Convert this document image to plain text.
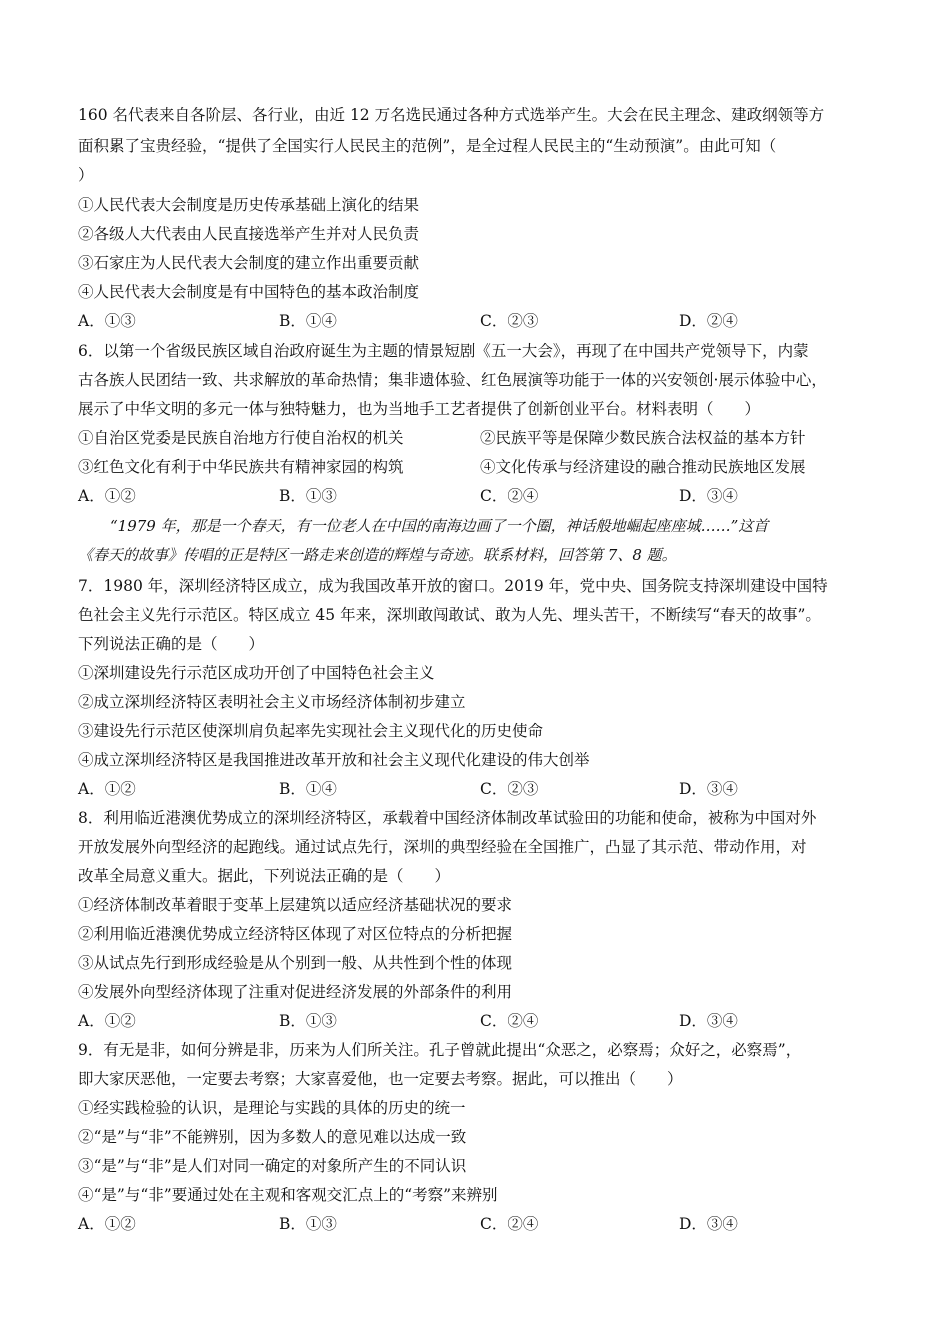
160 名代表来自各阶层、各行业，由近 12 万名选民通过各种方式选举产生。大会在民主理念、建政纲领等方
面积累了宝贵经验，“提供了全国实行人民民主的范例”，是全过程人民民主的“生动预演”。由此可知（
）
①人民代表大会制度是历史传承基础上演化的结果
②各级人大代表由人民直接选举产生并对人民负责
③石家庄为人民代表大会制度的建立作出重要贡献
④人民代表大会制度是有中国特色的基本政治制度
A．①③	B．①④	C．②③	D．②④
6．以第一个省级民族区域自治政府诞生为主题的情景短剧《五一大会》，再现了在中国共产党领导下，内蒙
古各族人民团结一致、共求解放的革命热情；集非遗体验、红色展演等功能于一体的兴安领创·展示体验中心，
展示了中华文明的多元一体与独特魅力，也为当地手工艺者提供了创新创业平台。材料表明（　　）
①自治区党委是民族自治地方行使自治权的机关	②民族平等是保障少数民族合法权益的基本方针
③红色文化有利于中华民族共有精神家园的构筑	④文化传承与经济建设的融合推动民族地区发展
A．①②	B．①③	C．②④	D．③④
“1979 年，那是一个春天，有一位老人在中国的南海边画了一个圈，神话般地崛起座座城……”这首
《春天的故事》传唱的正是特区一路走来创造的辉煌与奇迹。联系材料，回答第 7、8 题。
7．1980 年，深圳经济特区成立，成为我国改革开放的窗口。2019 年，党中央、国务院支持深圳建设中国特
色社会主义先行示范区。特区成立 45 年来，深圳敢闯敢试、敢为人先、埋头苦干，不断续写“春天的故事”。
下列说法正确的是（　　）
①深圳建设先行示范区成功开创了中国特色社会主义
②成立深圳经济特区表明社会主义市场经济体制初步建立
③建设先行示范区使深圳肩负起率先实现社会主义现代化的历史使命
④成立深圳经济特区是我国推进改革开放和社会主义现代化建设的伟大创举
A．①②	B．①④	C．②③	D．③④
8．利用临近港澳优势成立的深圳经济特区，承载着中国经济体制改革试验田的功能和使命，被称为中国对外
开放发展外向型经济的起跑线。通过试点先行，深圳的典型经验在全国推广，凸显了其示范、带动作用，对
改革全局意义重大。据此，下列说法正确的是（　　）
①经济体制改革着眼于变革上层建筑以适应经济基础状况的要求
②利用临近港澳优势成立经济特区体现了对区位特点的分析把握
③从试点先行到形成经验是从个别到一般、从共性到个性的体现
④发展外向型经济体现了注重对促进经济发展的外部条件的利用
A．①②	B．①③	C．②④	D．③④
9．有无是非，如何分辨是非，历来为人们所关注。孔子曾就此提出“众恶之，必察焉；众好之，必察焉”，
即大家厌恶他，一定要去考察；大家喜爱他，也一定要去考察。据此，可以推出（　　）
①经实践检验的认识，是理论与实践的具体的历史的统一
②“是”与“非”不能辨别，因为多数人的意见难以达成一致
③“是”与“非”是人们对同一确定的对象所产生的不同认识
④“是”与“非”要通过处在主观和客观交汇点上的“考察”来辨别
A．①②	B．①③	C．②④	D．③④
